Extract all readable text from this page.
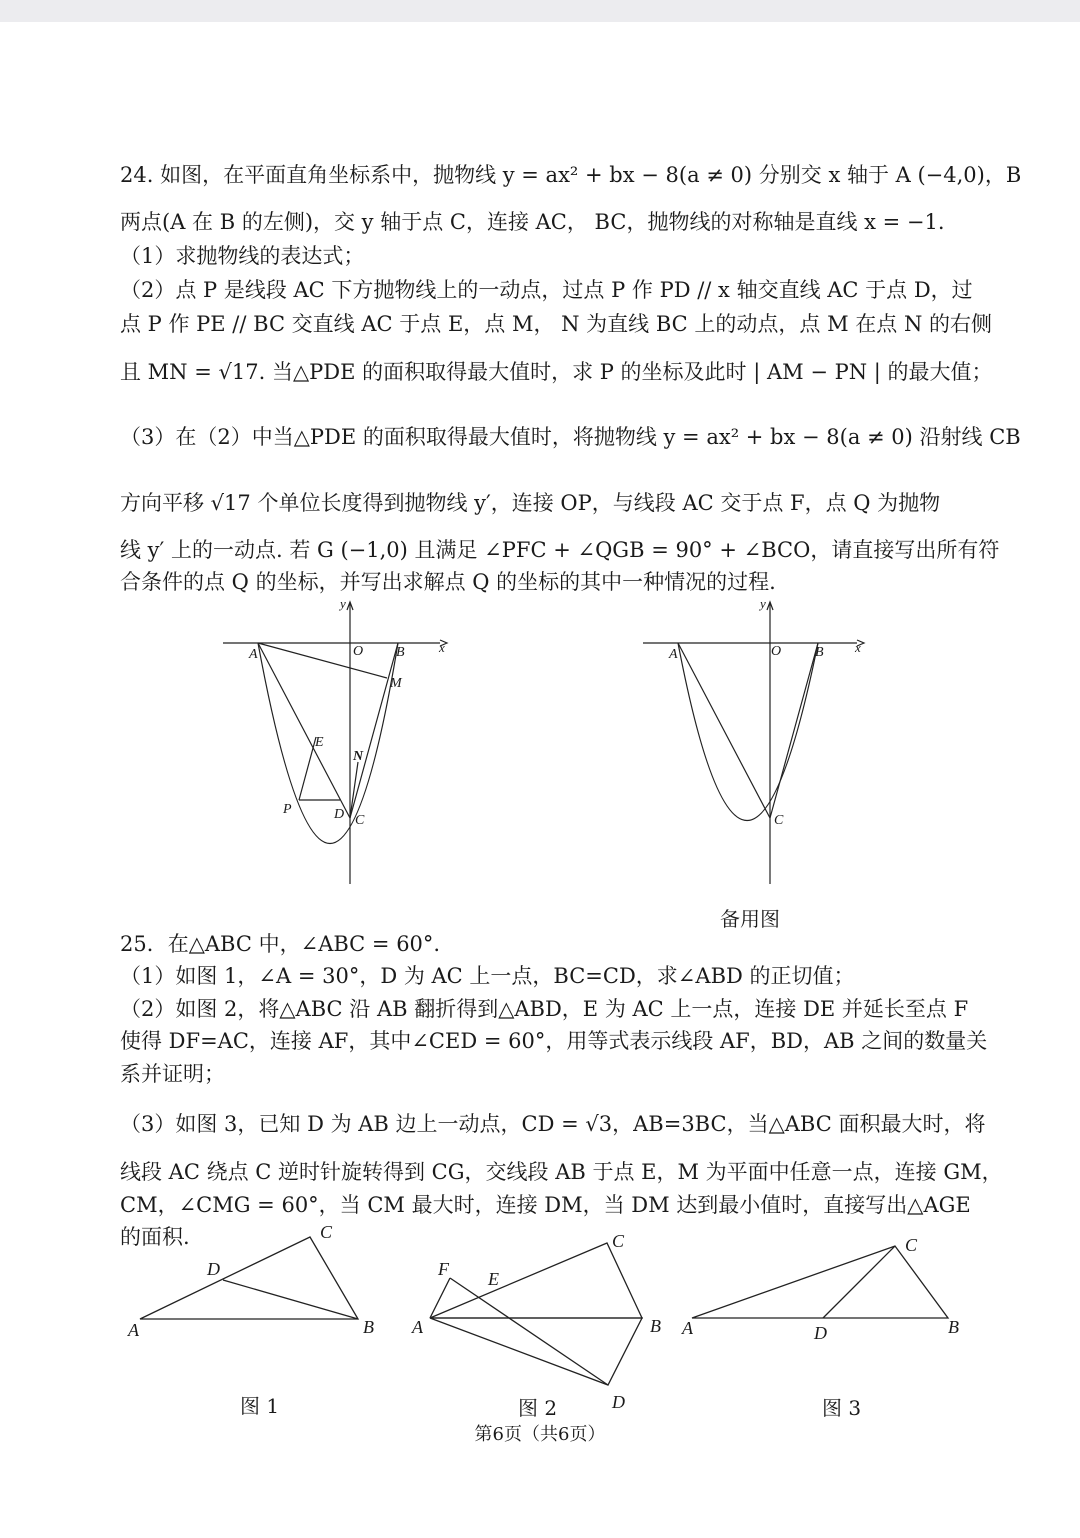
24. 如图，在平面直角坐标系中，抛物线 y = ax² + bx − 8(a ≠ 0) 分别交 x 轴于 A (−4,0)，B
两点(A 在 B 的左侧)，交 y 轴于点 C，连接 AC， BC，抛物线的对称轴是直线 x = −1.
（1）求抛物线的表达式；
（2）点 P 是线段 AC 下方抛物线上的一动点，过点 P 作 PD // x 轴交直线 AC 于点 D，过
点 P 作 PE // BC 交直线 AC 于点 E，点 M， N 为直线 BC 上的动点，点 M 在点 N 的右侧
且 MN = √17. 当△PDE 的面积取得最大值时，求 P 的坐标及此时 | AM − PN | 的最大值；
（3）在（2）中当△PDE 的面积取得最大值时，将抛物线 y = ax² + bx − 8(a ≠ 0) 沿射线 CB
方向平移 √17 个单位长度得到抛物线 y′，连接 OP，与线段 AC 交于点 F，点 Q 为抛物
线 y′ 上的一动点. 若 G (−1,0) 且满足 ∠PFC + ∠QGB = 90° + ∠BCO，请直接写出所有符
合条件的点 Q 的坐标，并写出求解点 Q 的坐标的其中一种情况的过程.
x
y
A	O B
M
E
N
P	D C
x
y
A	O B
C
备用图
25．在△ABC 中，∠ABC = 60°.
（1）如图 1，∠A = 30°，D 为 AC 上一点，BC=CD，求∠ABD 的正切值；
（2）如图 2，将△ABC 沿 AB 翻折得到△ABD，E 为 AC 上一点，连接 DE 并延长至点 F
使得 DF=AC，连接 AF，其中∠CED = 60°，用等式表示线段 AF，BD，AB 之间的数量关
系并证明；
（3）如图 3，已知 D 为 AB 边上一动点，CD = √3，AB=3BC，当△ABC 面积最大时，将
线段 AC 绕点 C 逆时针旋转得到 CG，交线段 AB 于点 E，M 为平面中任意一点，连接 GM，
CM，∠CMG = 60°，当 CM 最大时，连接 DM，当 DM 达到最小值时，直接写出△AGE
的面积.
A	B
C
D
A	B
C
D
E
F
A	B
C
D
图 1	图 2	图 3
第6页（共6页）
